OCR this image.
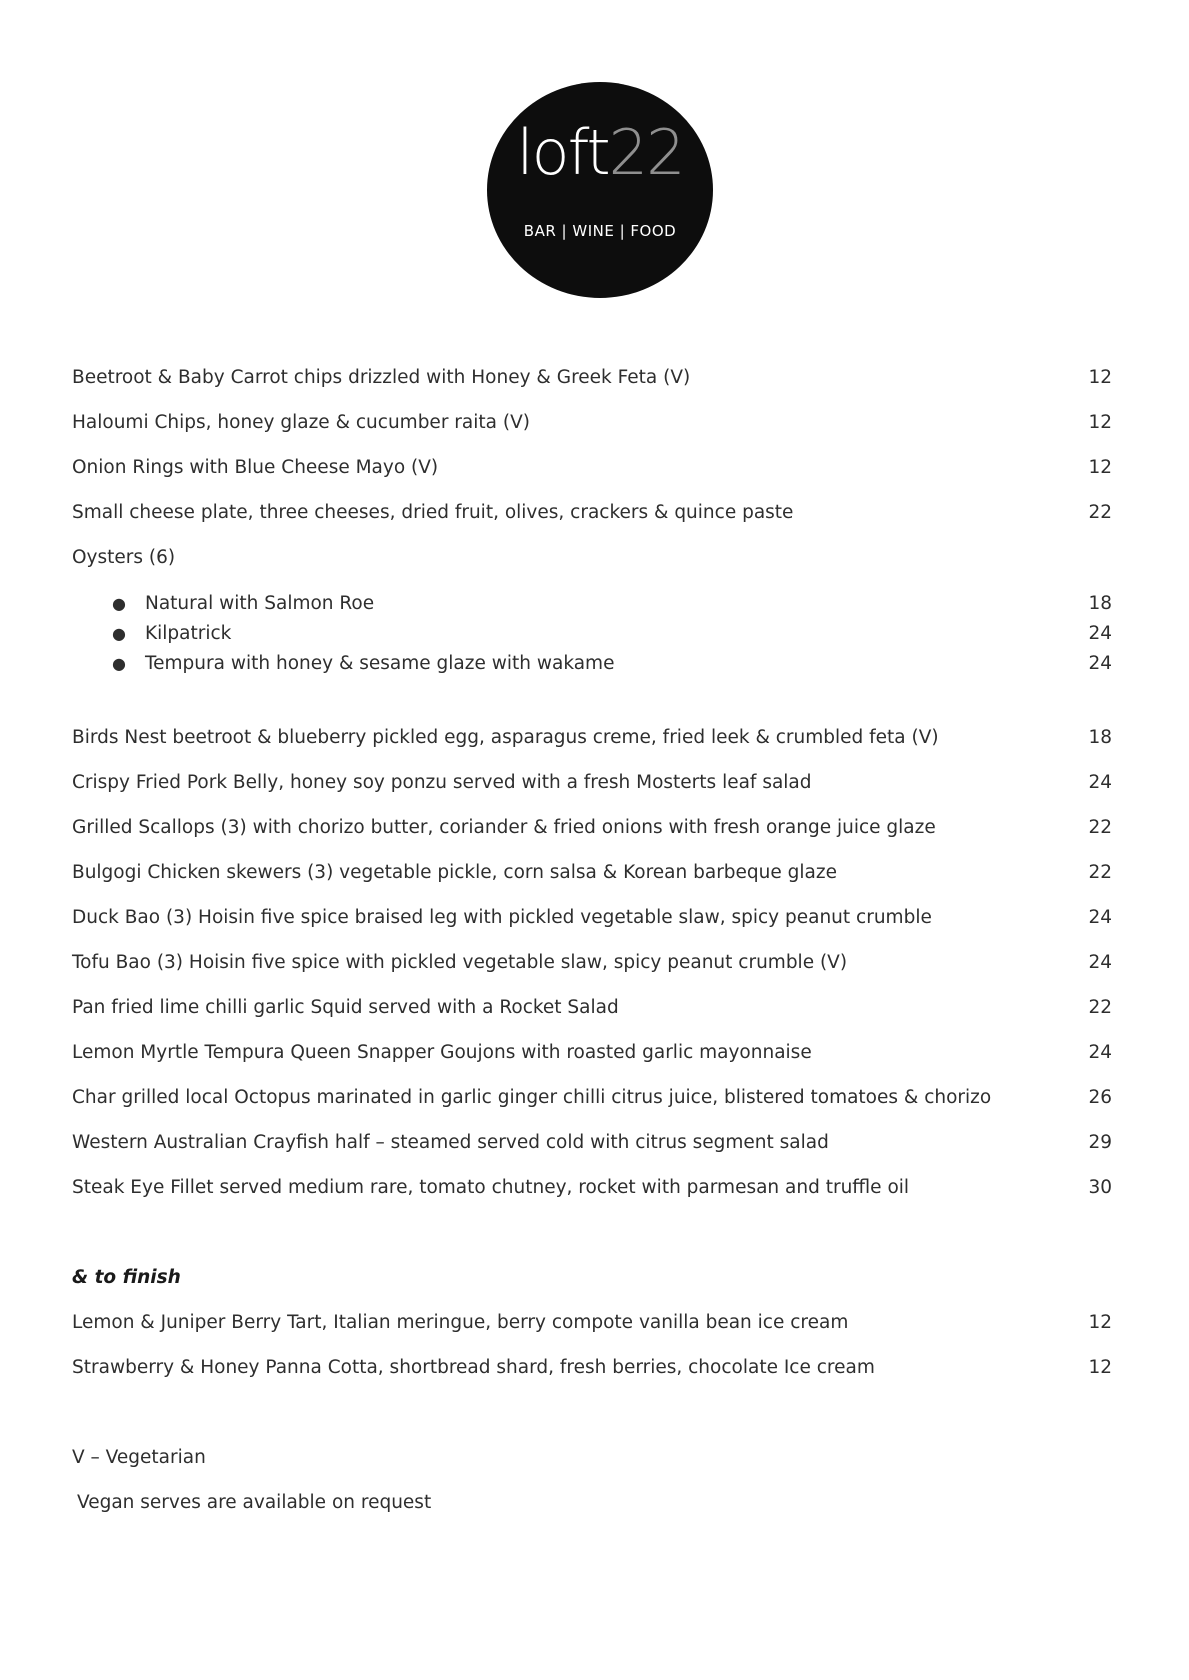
loft22
BAR | WINE | FOOD
Beetroot & Baby Carrot chips drizzled with Honey & Greek Feta (V)	12
Haloumi Chips, honey glaze & cucumber raita (V)	12
Onion Rings with Blue Cheese Mayo (V)	12
Small cheese plate, three cheeses, dried fruit, olives, crackers & quince paste	22
Oysters (6)
● Natural with Salmon Roe	18
● Kilpatrick	24
● Tempura with honey & sesame glaze with wakame	24
Birds Nest beetroot & blueberry pickled egg, asparagus creme, fried leek & crumbled feta (V)	18
Crispy Fried Pork Belly, honey soy ponzu served with a fresh Mosterts leaf salad	24
Grilled Scallops (3) with chorizo butter, coriander & fried onions with fresh orange juice glaze	22
Bulgogi Chicken skewers (3) vegetable pickle, corn salsa & Korean barbeque glaze	22
Duck Bao (3) Hoisin five spice braised leg with pickled vegetable slaw, spicy peanut crumble	24
Tofu Bao (3) Hoisin five spice with pickled vegetable slaw, spicy peanut crumble (V)	24
Pan fried lime chilli garlic Squid served with a Rocket Salad	22
Lemon Myrtle Tempura Queen Snapper Goujons with roasted garlic mayonnaise	24
Char grilled local Octopus marinated in garlic ginger chilli citrus juice, blistered tomatoes & chorizo	26
Western Australian Crayfish half – steamed served cold with citrus segment salad	29
Steak Eye Fillet served medium rare, tomato chutney, rocket with parmesan and truffle oil	30
& to finish
Lemon & Juniper Berry Tart, Italian meringue, berry compote vanilla bean ice cream	12
Strawberry & Honey Panna Cotta, shortbread shard, fresh berries, chocolate Ice cream	12
V – Vegetarian
Vegan serves are available on request
